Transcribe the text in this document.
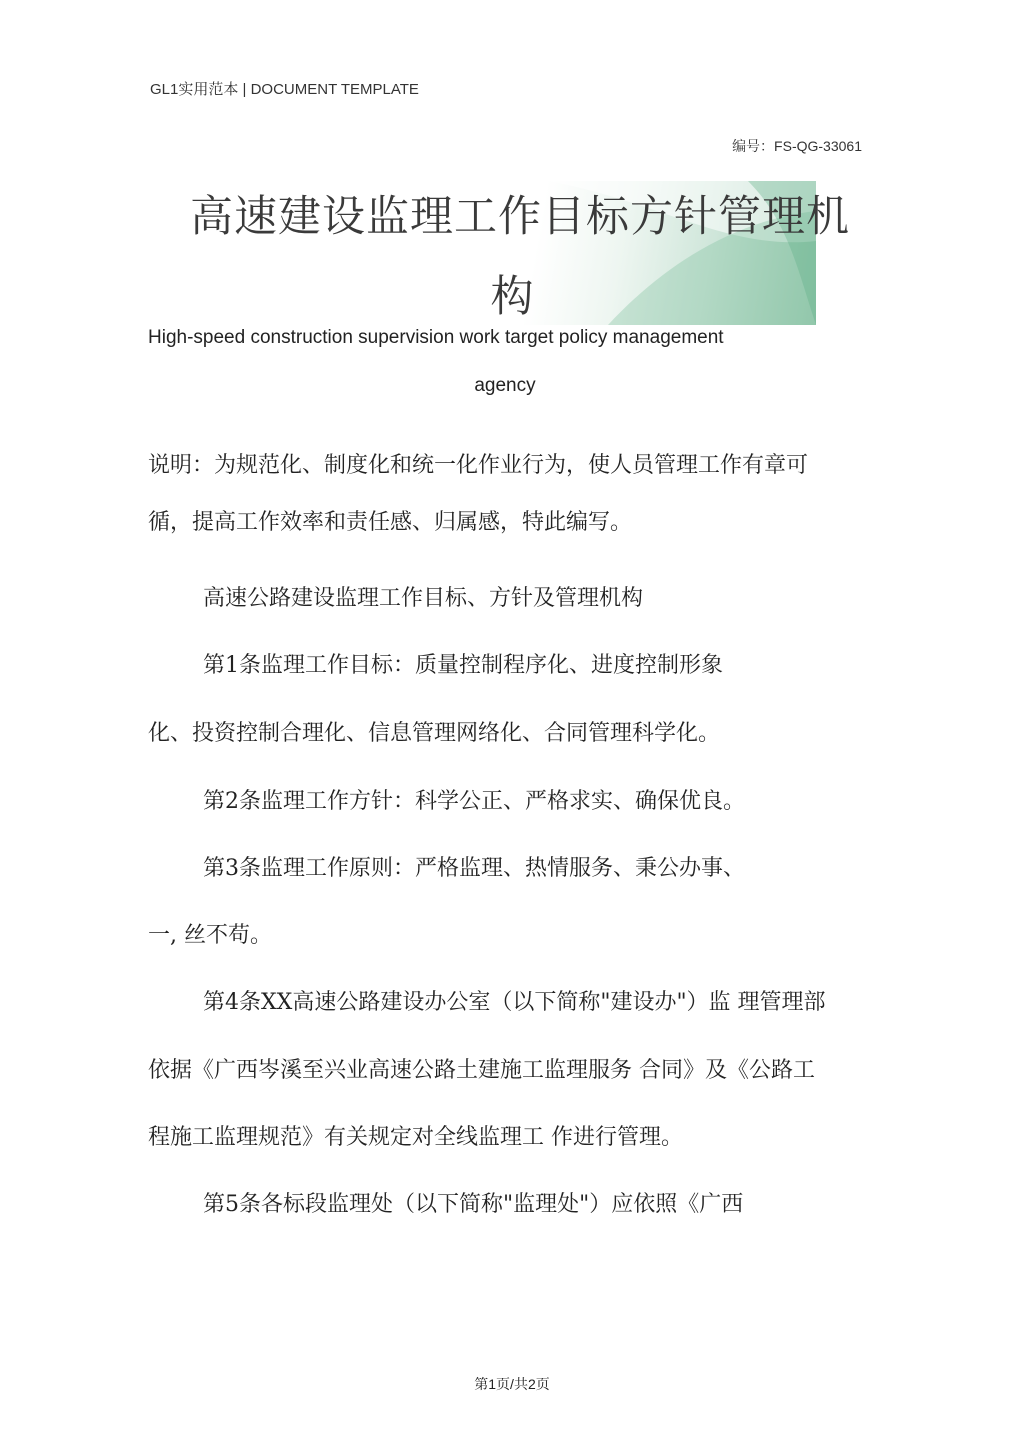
GL1实用范本 | DOCUMENT TEMPLATE
编号：FS-QG-33061
高速建设监理工作目标方针管理机
构
High-speed construction supervision work target policy management
agency
说明：为规范化、制度化和统一化作业行为，使人员管理工作有章可
循，提高工作效率和责任感、归属感，特此编写。
高速公路建设监理工作目标、方针及管理机构
第1条监理工作目标：质量控制程序化、进度控制形象
化、投资控制合理化、信息管理网络化、合同管理科学化。
第2条监理工作方针：科学公正、严格求实、确保优良。
第3条监理工作原则：严格监理、热情服务、秉公办事、
一, 丝不苟。
第4条XX高速公路建设办公室（以下简称"建设办"）监 理管理部
依据《广西岑溪至兴业高速公路土建施工监理服务 合同》及《公路工
程施工监理规范》有关规定对全线监理工 作进行管理。
第5条各标段监理处（以下简称"监理处"）应依照《广西
第1页/共2页
